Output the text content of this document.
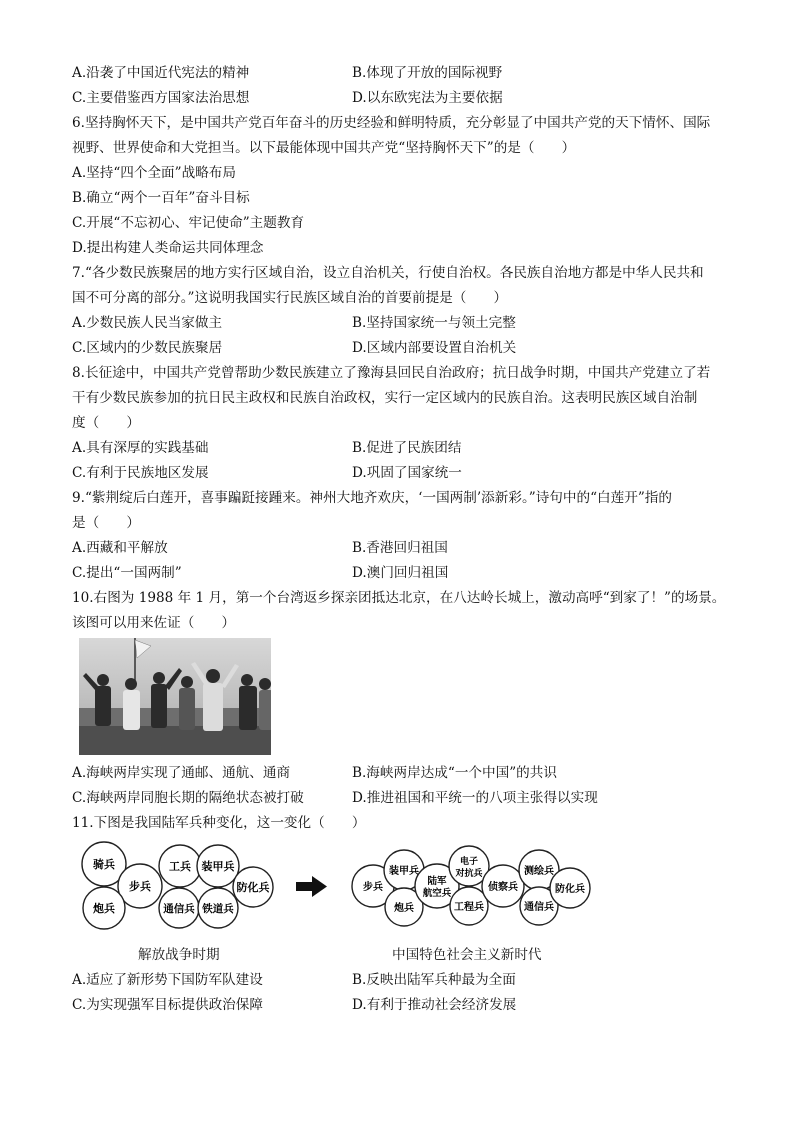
A.沿袭了中国近代宪法的精神	B.体现了开放的国际视野
C.主要借鉴西方国家法治思想	D.以东欧宪法为主要依据
6.坚持胸怀天下，是中国共产党百年奋斗的历史经验和鲜明特质，充分彰显了中国共产党的天下情怀、国际
视野、世界使命和大党担当。以下最能体现中国共产党“坚持胸怀天下”的是（　　）
A.坚持“四个全面”战略布局
B.确立“两个一百年”奋斗目标
C.开展“不忘初心、牢记使命”主题教育
D.提出构建人类命运共同体理念
7.“各少数民族聚居的地方实行区域自治，设立自治机关，行使自治权。各民族自治地方都是中华人民共和
国不可分离的部分。”这说明我国实行民族区域自治的首要前提是（　　）
A.少数民族人民当家做主	B.坚持国家统一与领土完整
C.区域内的少数民族聚居	D.区域内部要设置自治机关
8.长征途中，中国共产党曾帮助少数民族建立了豫海县回民自治政府；抗日战争时期，中国共产党建立了若
干有少数民族参加的抗日民主政权和民族自治政权，实行一定区域内的民族自治。这表明民族区域自治制
度（　　）
A.具有深厚的实践基础	B.促进了民族团结
C.有利于民族地区发展	D.巩固了国家统一
9.“紫荆绽后白莲开，喜事蹁跹接踵来。神州大地齐欢庆，‘一国两制’添新彩。”诗句中的“白莲开”指的
是（　　）
A.西藏和平解放	B.香港回归祖国
C.提出“一国两制”	D.澳门回归祖国
10.右图为 1988 年 1 月，第一个台湾返乡探亲团抵达北京，在八达岭长城上，激动高呼“到家了！”的场景。
该图可以用来佐证（　　）
A.海峡两岸实现了通邮、通航、通商	B.海峡两岸达成“一个中国”的共识
C.海峡两岸同胞长期的隔绝状态被打破	D.推进祖国和平统一的八项主张得以实现
11.下图是我国陆军兵种变化，这一变化（　　）
骑兵
步兵
工兵 装甲兵
防化兵
炮兵	通信兵 铁道兵
步兵
装甲兵
炮兵
陆军航空兵
电子对抗兵
工程兵
侦察兵
测绘兵
通信兵
防化兵
解放战争时期	中国特色社会主义新时代
A.适应了新形势下国防军队建设	B.反映出陆军兵种最为全面
C.为实现强军目标提供政治保障	D.有利于推动社会经济发展
